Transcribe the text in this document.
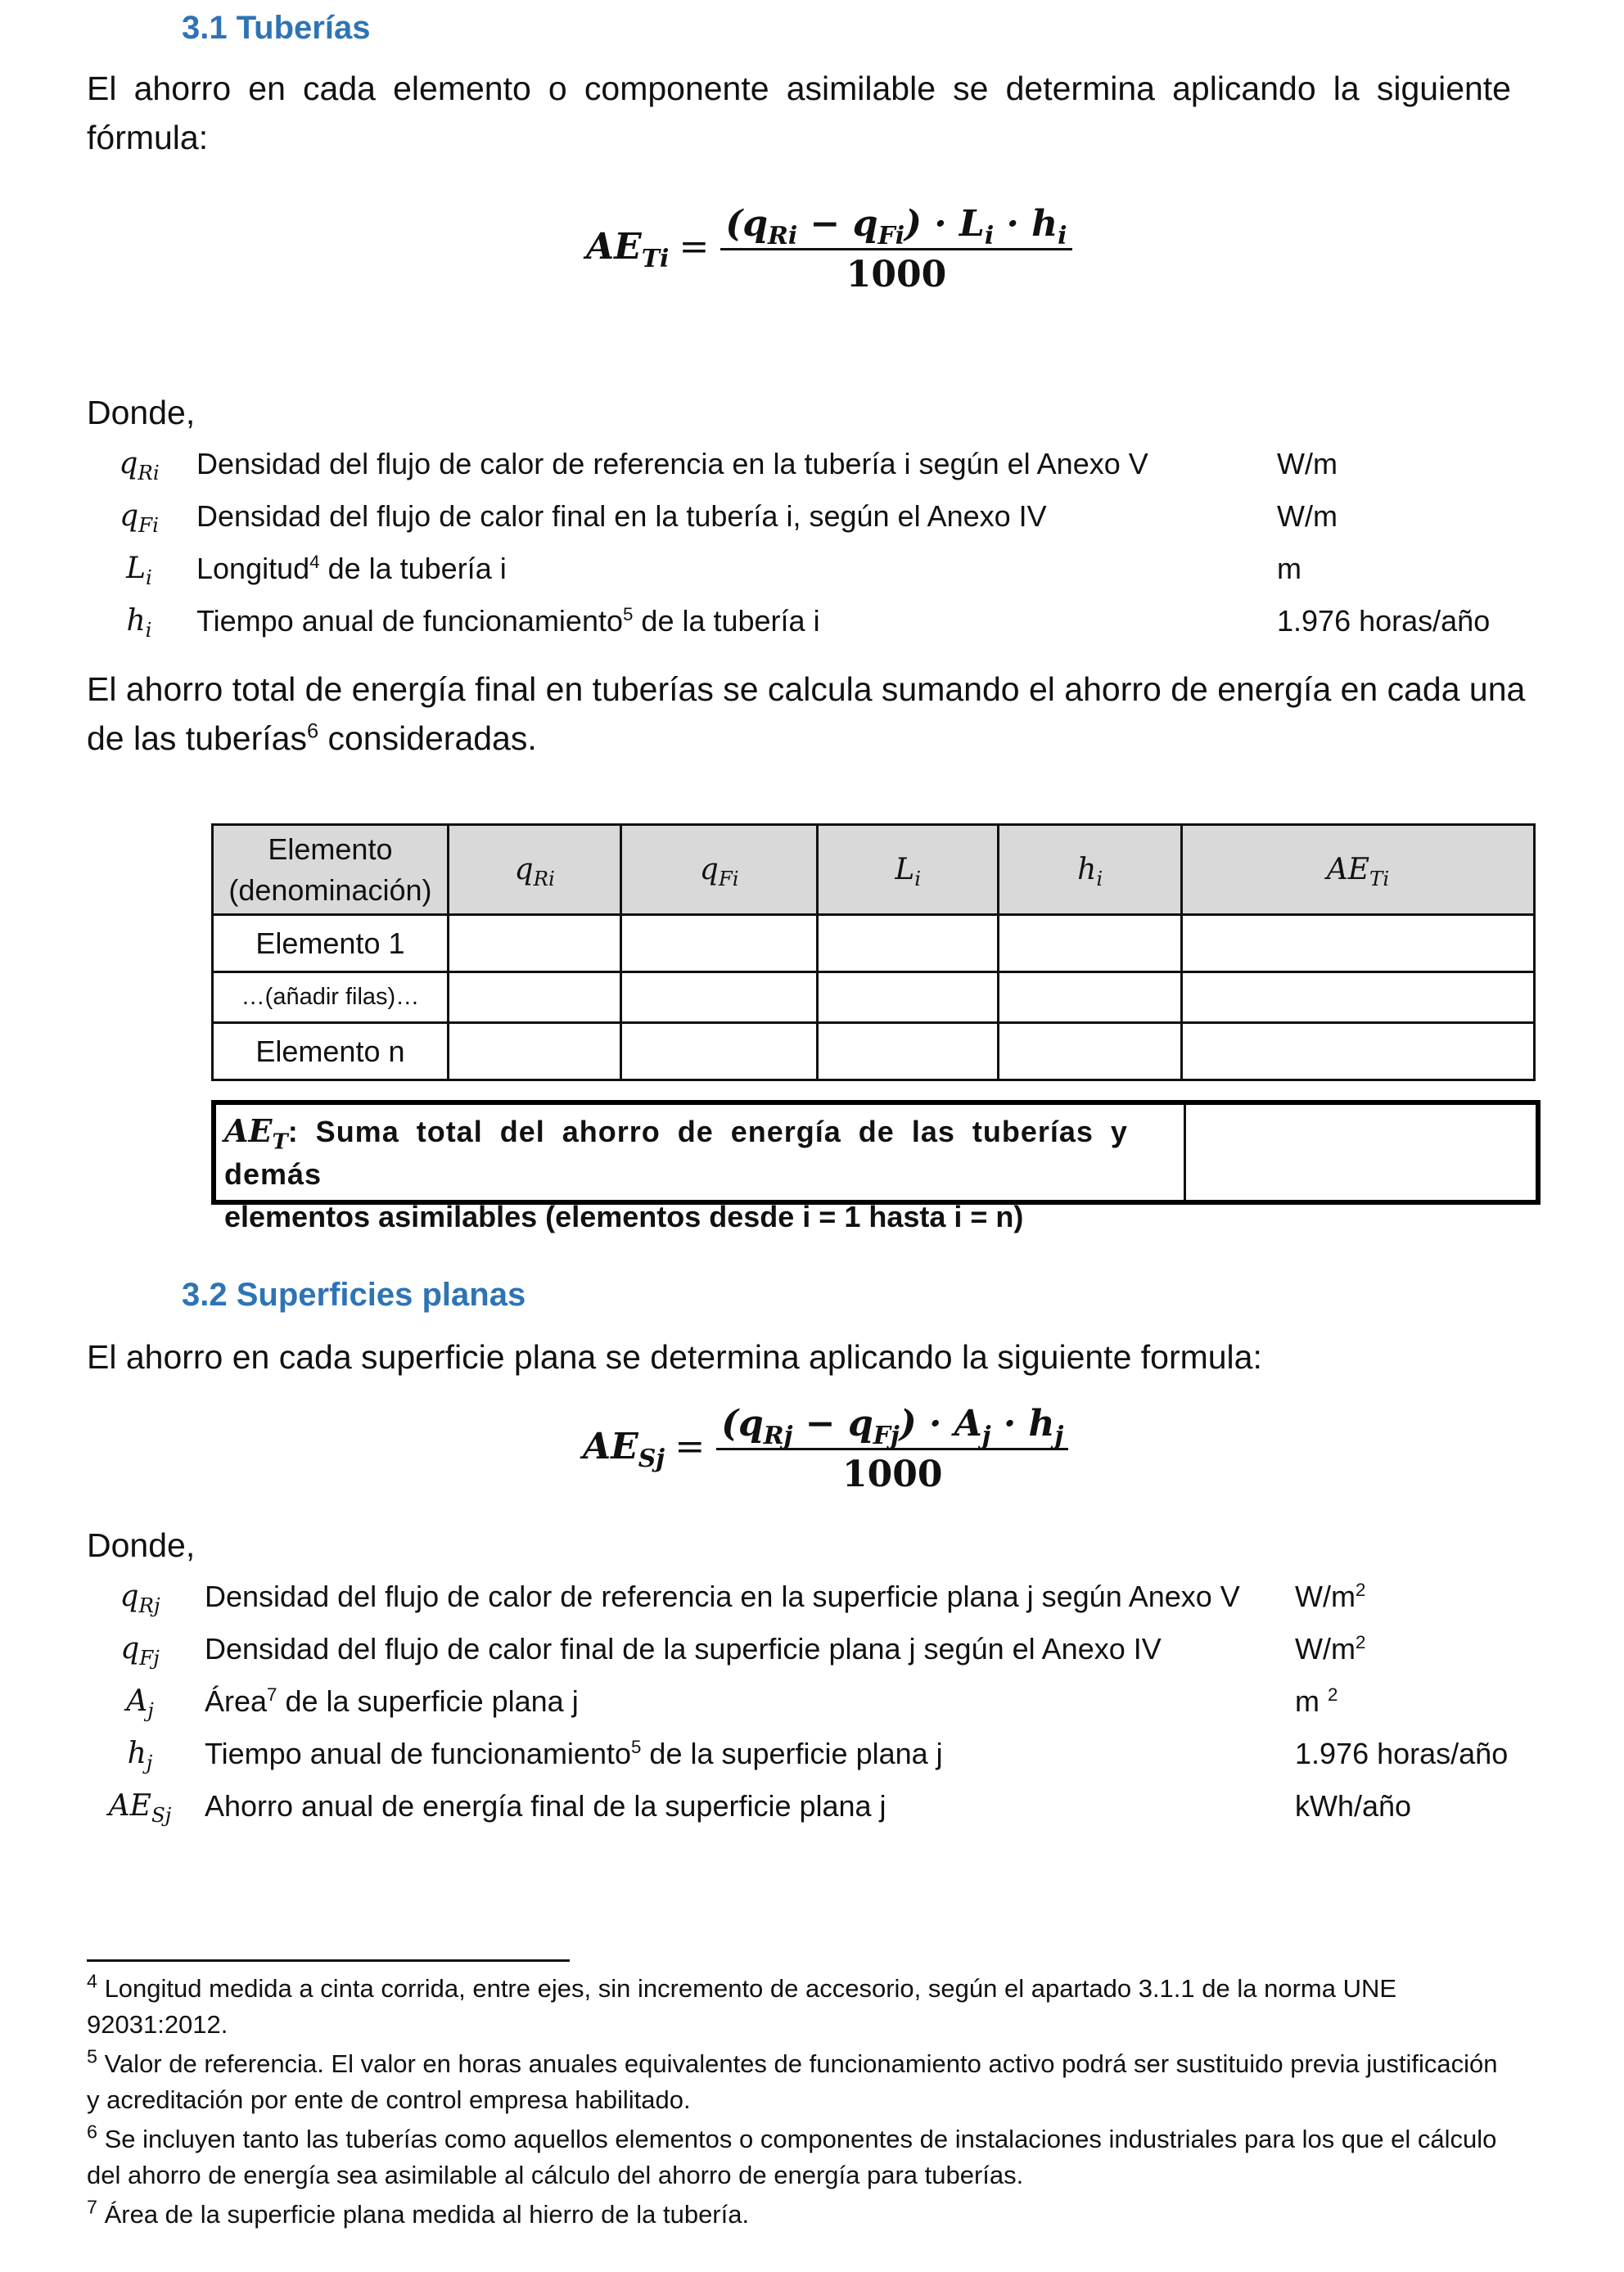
3.1 Tuberías
El ahorro en cada elemento o componente asimilable se determina aplicando la siguiente fórmula:
$AE_{Ti} = \frac{(q_{Ri} - q_{Fi}) \cdot L_i \cdot h_i}{1000}$
Donde,
$q_{Ri}$	Densidad del flujo de calor de referencia en la tubería i según el Anexo V	W/m
$q_{Fi}$	Densidad del flujo de calor final en la tubería i, según el Anexo IV	W/m
$L_i$	Longitud$^4$ de la tubería i	m
$h_i$	Tiempo anual de funcionamiento$^5$ de la tubería i	1.976 horas/año
El ahorro total de energía final en tuberías se calcula sumando el ahorro de energía en cada una de las tuberías$^6$ consideradas.
Elemento (denominación)	$q_{Ri}$	$q_{Fi}$	$L_i$	$h_i$	$AE_{Ti}$
Elemento 1					
…(añadir filas)…					
Elemento n					
$AE_T$: Suma total del ahorro de energía de las tuberías y demás
elementos asimilables (elementos desde i = 1 hasta i = n)
3.2 Superficies planas
El ahorro en cada superficie plana se determina aplicando la siguiente formula:
$AE_{Sj} = \frac{(q_{Rj} - q_{Fj}) \cdot A_j \cdot h_j}{1000}$
Donde,
$q_{Rj}$	Densidad del flujo de calor de referencia en la superficie plana j según Anexo V $W/m^2$
$q_{Fj}$	Densidad del flujo de calor final de la superficie plana j según el Anexo IV	$W/m^2$
$A_j$	Área$^7$ de la superficie plana j	m $^2$
$h_j$	Tiempo anual de funcionamiento$^5$ de la superficie plana j	1.976 horas/año
$AE_{Sj}$ Ahorro anual de energía final de la superficie plana j	kWh/año
$^4$ Longitud medida a cinta corrida, entre ejes, sin incremento de accesorio, según el apartado 3.1.1 de la norma UNE 92031:2012.
$^5$ Valor de referencia. El valor en horas anuales equivalentes de funcionamiento activo podrá ser sustituido previa justificación y acreditación por ente de control empresa habilitado.
$^6$ Se incluyen tanto las tuberías como aquellos elementos o componentes de instalaciones industriales para los que el cálculo del ahorro de energía sea asimilable al cálculo del ahorro de energía para tuberías.
$^7$ Área de la superficie plana medida al hierro de la tubería.
